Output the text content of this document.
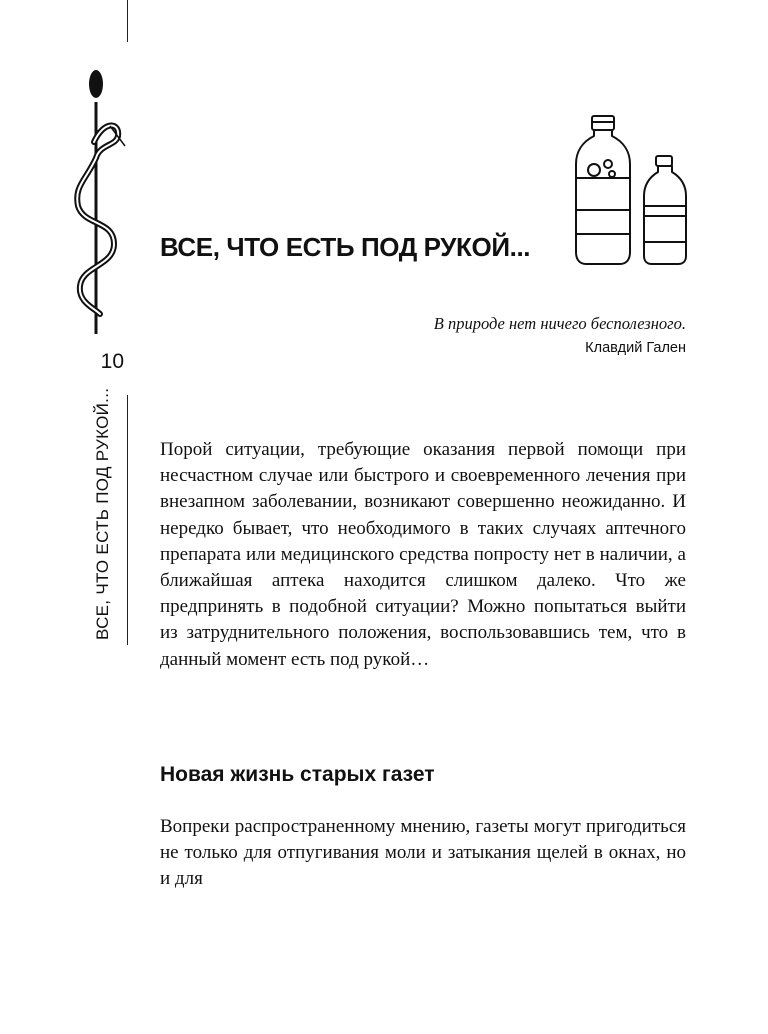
10
ВСЕ, ЧТО ЕСТЬ ПОД РУКОЙ...
ВСЕ, ЧТО ЕСТЬ ПОД РУКОЙ...
В природе нет ничего бесполезного.
Клавдий Гален

Порой ситуации, требующие оказания первой помощи при несчастном случае или быстрого и своевременного лечения при внезапном заболевании, возникают совершенно неожиданно. И нередко бывает, что необходимого в таких случаях аптечного препарата или медицинского средства попросту нет в наличии, а ближайшая аптека находится слишком далеко. Что же предпринять в подобной ситуации? Можно попытаться выйти из затруднительного положения, воспользовавшись тем, что в данный момент есть под рукой…

Новая жизнь старых газет

Вопреки распространенному мнению, газеты могут пригодиться не только для отпугивания моли и затыкания щелей в окнах, но и для
